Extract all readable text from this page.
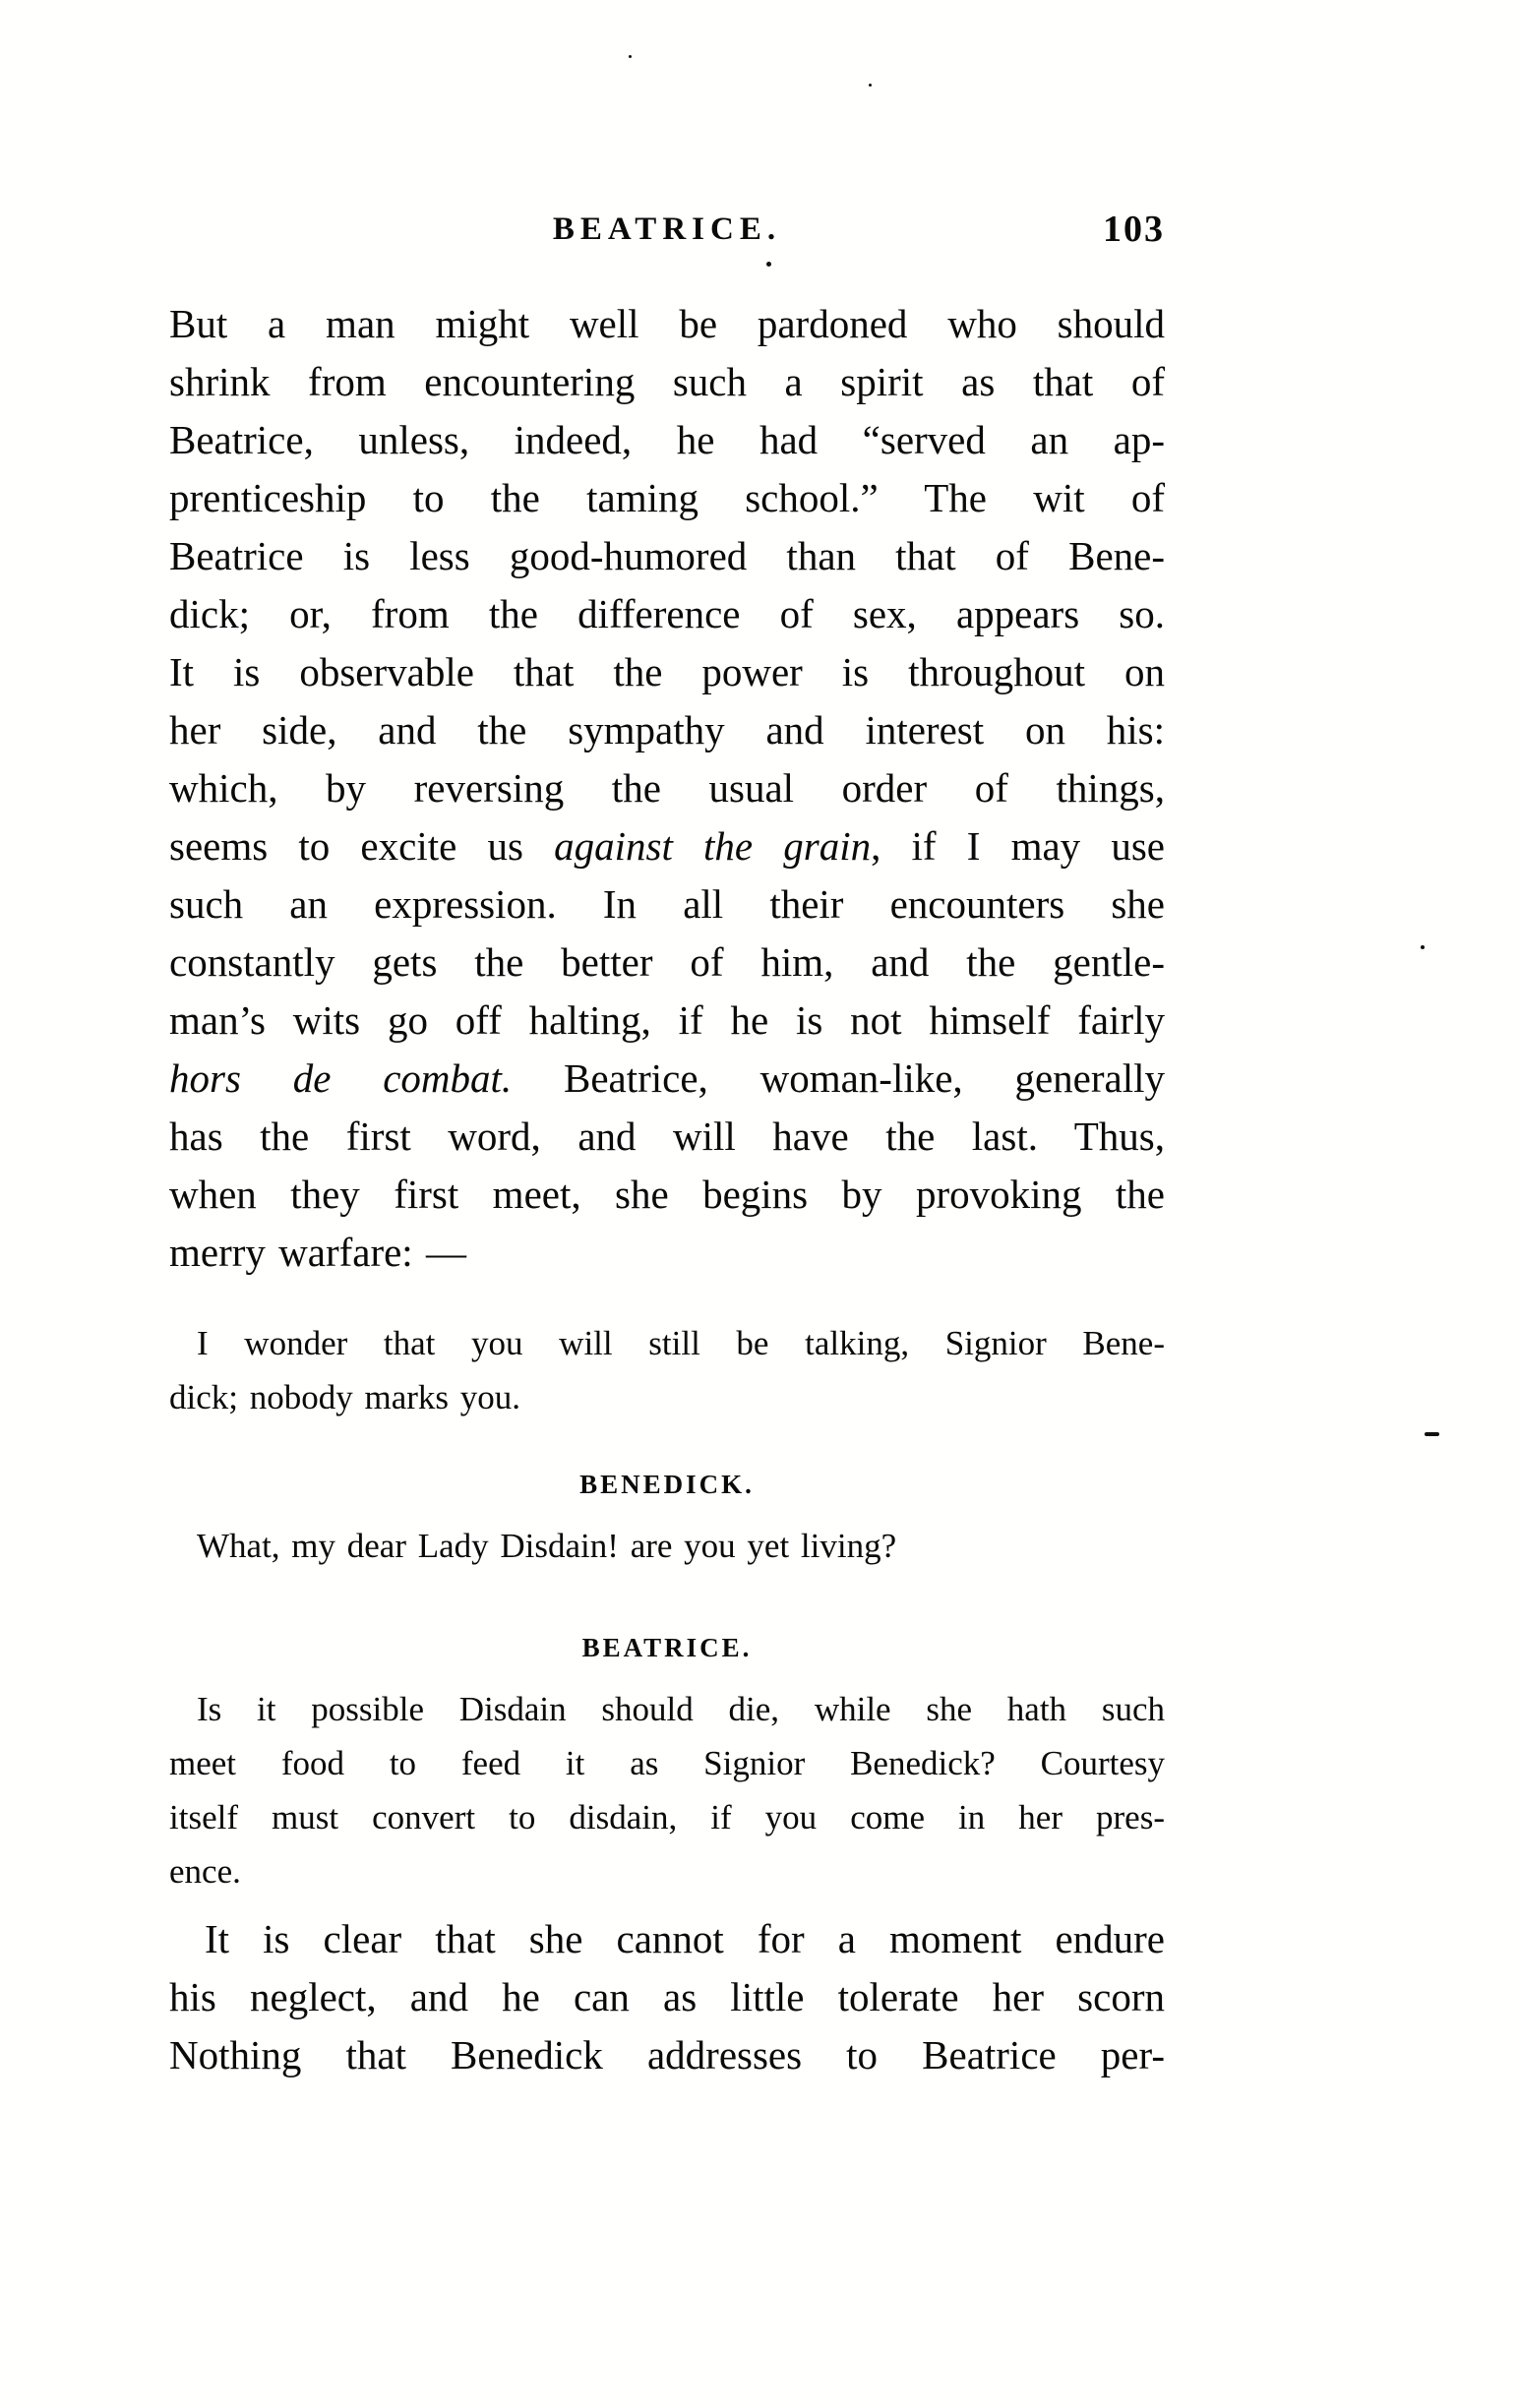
BEATRICE.	103
But a man might well be pardoned who should
shrink from encountering such a spirit as that of
Beatrice, unless, indeed, he had “served an ap-
prenticeship to the taming school.” The wit of
Beatrice is less good-humored than that of Bene-
dick; or, from the difference of sex, appears so.
It is observable that the power is throughout on
her side, and the sympathy and interest on his:
which, by reversing the usual order of things,
seems to excite us against the grain, if I may use
such an expression. In all their encounters she
constantly gets the better of him, and the gentle-
man’s wits go off halting, if he is not himself fairly
hors de combat. Beatrice, woman-like, generally
has the first word, and will have the last. Thus,
when they first meet, she begins by provoking the
merry warfare: —
I wonder that you will still be talking, Signior Bene-
dick; nobody marks you.
BENEDICK.
What, my dear Lady Disdain! are you yet living?
BEATRICE.
Is it possible Disdain should die, while she hath such
meet food to feed it as Signior Benedick? Courtesy
itself must convert to disdain, if you come in her pres-
ence.
It is clear that she cannot for a moment endure
his neglect, and he can as little tolerate her scorn
Nothing that Benedick addresses to Beatrice per-
